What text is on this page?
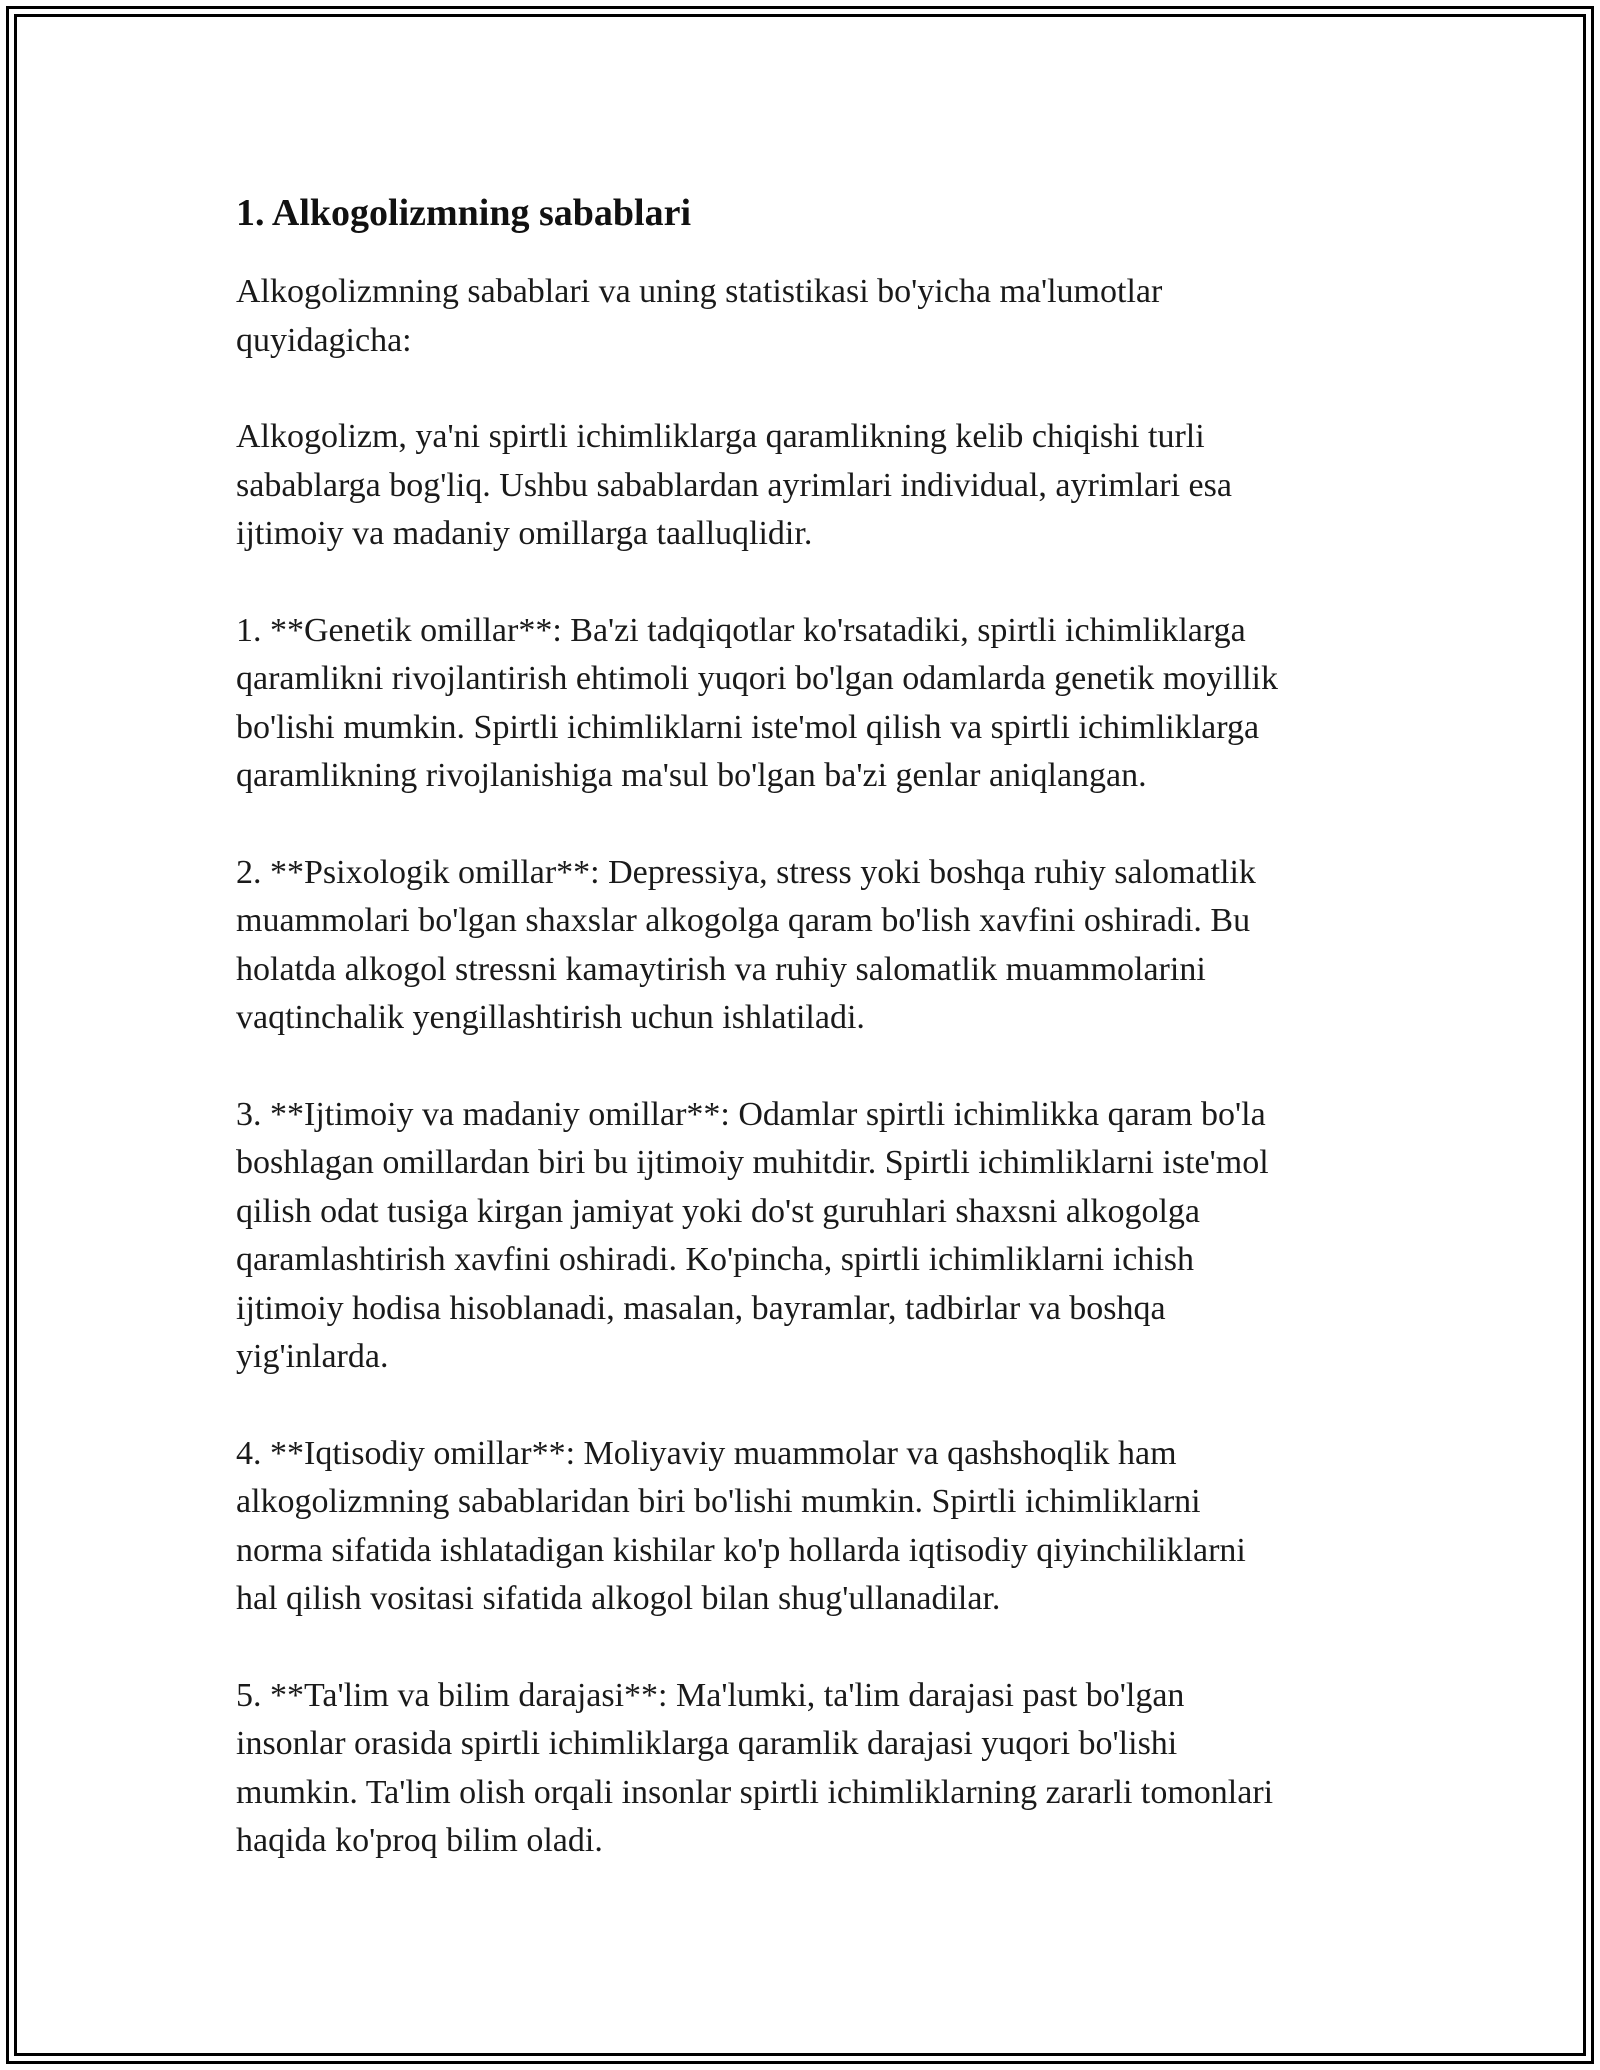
1. Alkogolizmning sabablari

Alkogolizmning sabablari va uning statistikasi bo'yicha ma'lumotlar
quyidagicha:

Alkogolizm, ya'ni spirtli ichimliklarga qaramlikning kelib chiqishi turli
sabablarga bog'liq. Ushbu sabablardan ayrimlari individual, ayrimlari esa
ijtimoiy va madaniy omillarga taalluqlidir.

1. **Genetik omillar**: Ba'zi tadqiqotlar ko'rsatadiki, spirtli ichimliklarga
qaramlikni rivojlantirish ehtimoli yuqori bo'lgan odamlarda genetik moyillik
bo'lishi mumkin. Spirtli ichimliklarni iste'mol qilish va spirtli ichimliklarga
qaramlikning rivojlanishiga ma'sul bo'lgan ba'zi genlar aniqlangan.

2. **Psixologik omillar**: Depressiya, stress yoki boshqa ruhiy salomatlik
muammolari bo'lgan shaxslar alkogolga qaram bo'lish xavfini oshiradi. Bu
holatda alkogol stressni kamaytirish va ruhiy salomatlik muammolarini
vaqtinchalik yengillashtirish uchun ishlatiladi.

3. **Ijtimoiy va madaniy omillar**: Odamlar spirtli ichimlikka qaram bo'la
boshlagan omillardan biri bu ijtimoiy muhitdir. Spirtli ichimliklarni iste'mol
qilish odat tusiga kirgan jamiyat yoki do'st guruhlari shaxsni alkogolga
qaramlashtirish xavfini oshiradi. Ko'pincha, spirtli ichimliklarni ichish
ijtimoiy hodisa hisoblanadi, masalan, bayramlar, tadbirlar va boshqa
yig'inlarda.

4. **Iqtisodiy omillar**: Moliyaviy muammolar va qashshoqlik ham
alkogolizmning sabablaridan biri bo'lishi mumkin. Spirtli ichimliklarni
norma sifatida ishlatadigan kishilar ko'p hollarda iqtisodiy qiyinchiliklarni
hal qilish vositasi sifatida alkogol bilan shug'ullanadilar.

5. **Ta'lim va bilim darajasi**: Ma'lumki, ta'lim darajasi past bo'lgan
insonlar orasida spirtli ichimliklarga qaramlik darajasi yuqori bo'lishi
mumkin. Ta'lim olish orqali insonlar spirtli ichimliklarning zararli tomonlari
haqida ko'proq bilim oladi.
